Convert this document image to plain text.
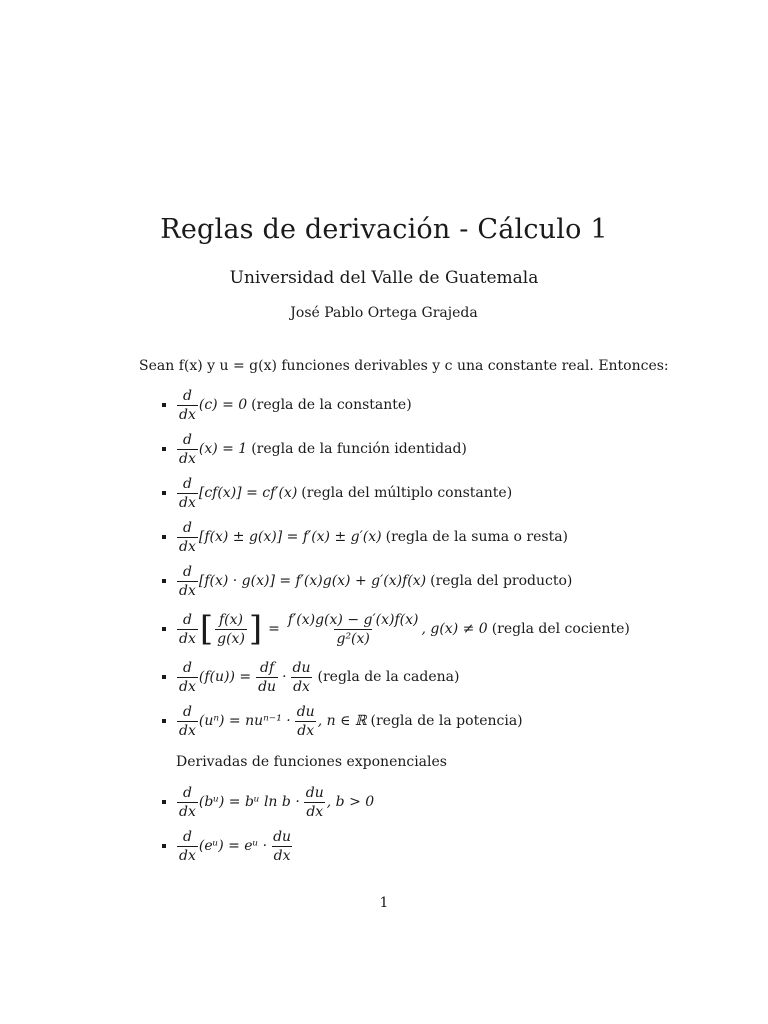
Reglas de derivación - Cálculo 1
Universidad del Valle de Guatemala
José Pablo Ortega Grajeda
Sean f(x) y u = g(x) funciones derivables y c una constante real. Entonces:
$\frac{d}{dx} (c) = 0$ (regla de la constante)
$\frac{d}{dx} (x) = 1$ (regla de la función identidad)
$\frac{d}{dx} [cf(x)] = cf'(x)$ (regla del múltiplo constante)
$\frac{d}{dx} [f(x) \pm g(x)] = f'(x) \pm g'(x)$ (regla de la suma o resta)
$\frac{d}{dx} [f(x) \cdot g(x)] = f'(x)g(x) + g'(x)f(x)$ (regla del producto)
$\frac{d}{dx}$ [ $\frac{f(x)}{g(x)}$ ] = $\frac{f'(x)g(x) - g'(x)f(x)}{\text{g²(x)}}$ , g(x) ≠ 0 (regla del cociente)
$\frac{d}{dx} (f(u)) = \frac{df}{du} \cdot \frac{du}{dx}$ (regla de la cadena)
$\frac{d}{dx} (u^n) = nu^{n-1} \cdot \frac{du}{dx}$ , n ∈ ℝ (regla de la potencia)
Derivadas de funciones exponenciales
$\frac{d}{dx}$ (bᵘ) = bᵘ $\ln b \cdot \frac{du}{dx}$ , b > 0
$\frac{d}{dx}$ (eᵘ) = eᵘ · $\frac{du}{dx}$
1
